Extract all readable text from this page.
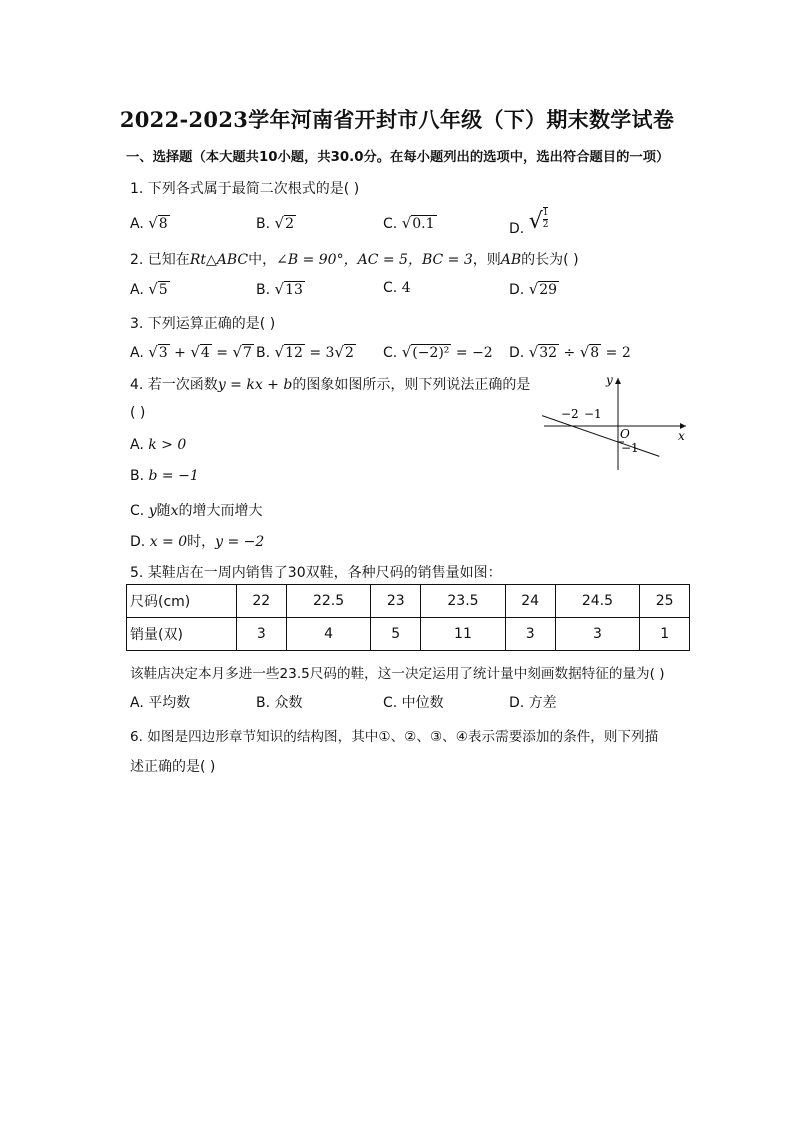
2022-2023学年河南省开封市八年级（下）期末数学试卷
一、选择题（本大题共10小题，共30.0分。在每小题列出的选项中，选出符合题目的一项）
1. 下列各式属于最简二次根式的是( )
A. √8	B. √2	C. √0.1	D. √ $\frac{1}{2}$
2. 已知在Rt△ABC中，∠B = 90°，AC = 5，BC = 3，则AB的长为( )
A. √5	B. √13	C. 4	D. √29
3. 下列运算正确的是( )
A. √3 + √4 = √7 B. √12 = 3√2 C. √(−2)² = −2 D. √32 ÷ √8 = 2
4. 若一次函数y = kx + b的图象如图所示，则下列说法正确的是
( )
A. k > 0
B. b = −1
C. y随x的增大而增大
D. x = 0时，y = −2
y
x
O
−2 −1
−1
5. 某鞋店在一周内销售了30双鞋，各种尺码的销售量如图：
尺码(cm)	22	22.5	23	23.5	24	24.5	25
销量(双)	3	4	5	11	3	3	1
该鞋店决定本月多进一些23.5尺码的鞋，这一决定运用了统计量中刻画数据特征的量为( )
A. 平均数	B. 众数	C. 中位数	D. 方差
6. 如图是四边形章节知识的结构图，其中①、②、③、④表示需要添加的条件，则下列描
述正确的是( )
